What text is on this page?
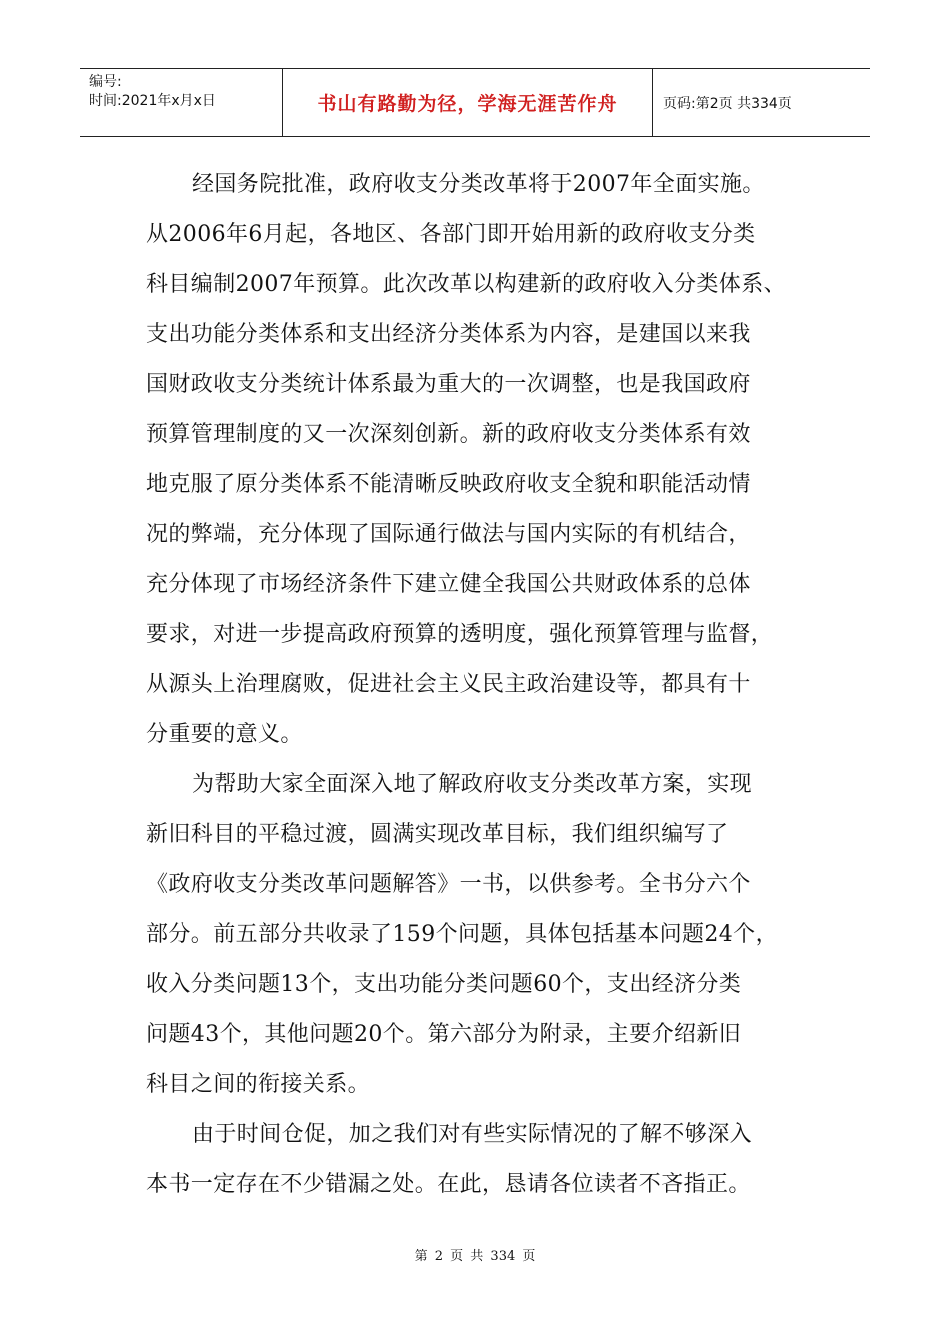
编号:
时间:2021年x月x日	书山有路勤为径，学海无涯苦作舟	页码:第2页 共334页
经国务院批准，政府收支分类改革将于2007年全面实施。
从2006年6月起，各地区、各部门即开始用新的政府收支分类
科目编制2007年预算。此次改革以构建新的政府收入分类体系、
支出功能分类体系和支出经济分类体系为内容，是建国以来我
国财政收支分类统计体系最为重大的一次调整，也是我国政府
预算管理制度的又一次深刻创新。新的政府收支分类体系有效
地克服了原分类体系不能清晰反映政府收支全貌和职能活动情
况的弊端，充分体现了国际通行做法与国内实际的有机结合，
充分体现了市场经济条件下建立健全我国公共财政体系的总体
要求，对进一步提高政府预算的透明度，强化预算管理与监督，
从源头上治理腐败，促进社会主义民主政治建设等，都具有十
分重要的意义。
为帮助大家全面深入地了解政府收支分类改革方案，实现
新旧科目的平稳过渡，圆满实现改革目标，我们组织编写了
《政府收支分类改革问题解答》一书，以供参考。全书分六个
部分。前五部分共收录了159个问题，具体包括基本问题24个，
收入分类问题13个，支出功能分类问题60个，支出经济分类
问题43个，其他问题20个。第六部分为附录，主要介绍新旧
科目之间的衔接关系。
由于时间仓促，加之我们对有些实际情况的了解不够深入
本书一定存在不少错漏之处。在此，恳请各位读者不吝指正。
第 2 页 共 334 页
